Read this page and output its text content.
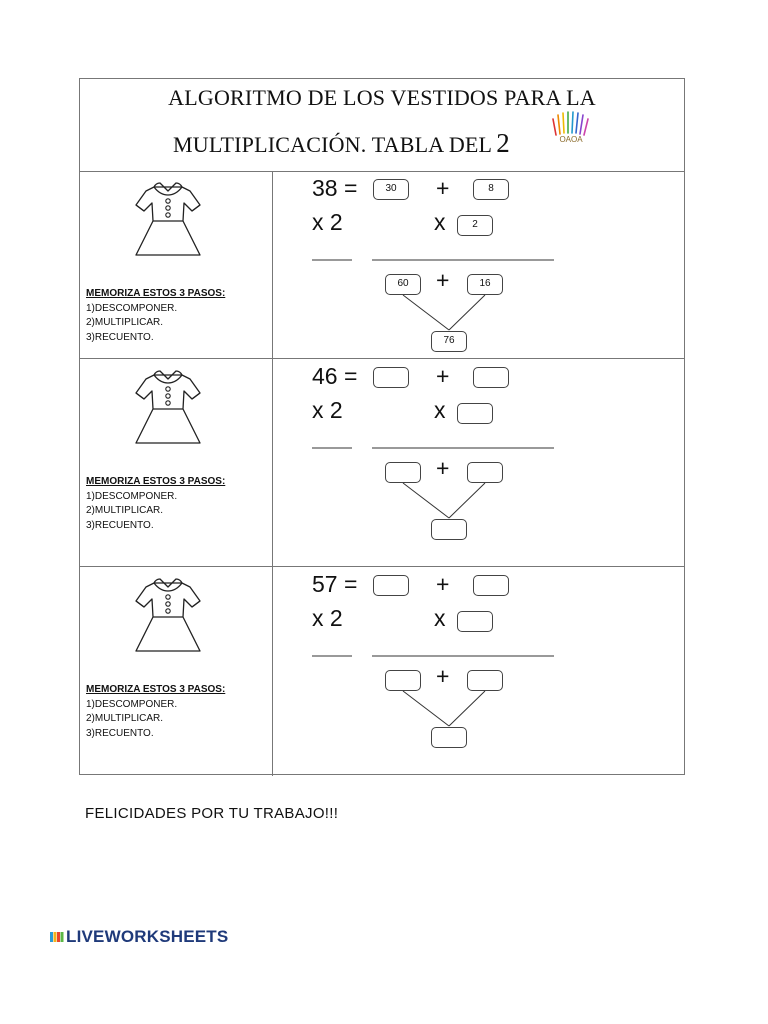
ALGORITMO DE LOS VESTIDOS PARA LA
MULTIPLICACIÓN. TABLA DEL 2	OAOA
MEMORIZA ESTOS 3 PASOS:
1)DESCOMPONER.
2)MULTIPLICAR.
3)RECUENTO.
38 =
x 2
+
x
+
30	8
2
60	16
76
MEMORIZA ESTOS 3 PASOS:
1)DESCOMPONER.
2)MULTIPLICAR.
3)RECUENTO.
46 =
x 2
+
x
+
MEMORIZA ESTOS 3 PASOS:
1)DESCOMPONER.
2)MULTIPLICAR.
3)RECUENTO.
57 =
x 2
+
x
+
FELICIDADES POR TU TRABAJO!!!
LIVEWORKSHEETS
